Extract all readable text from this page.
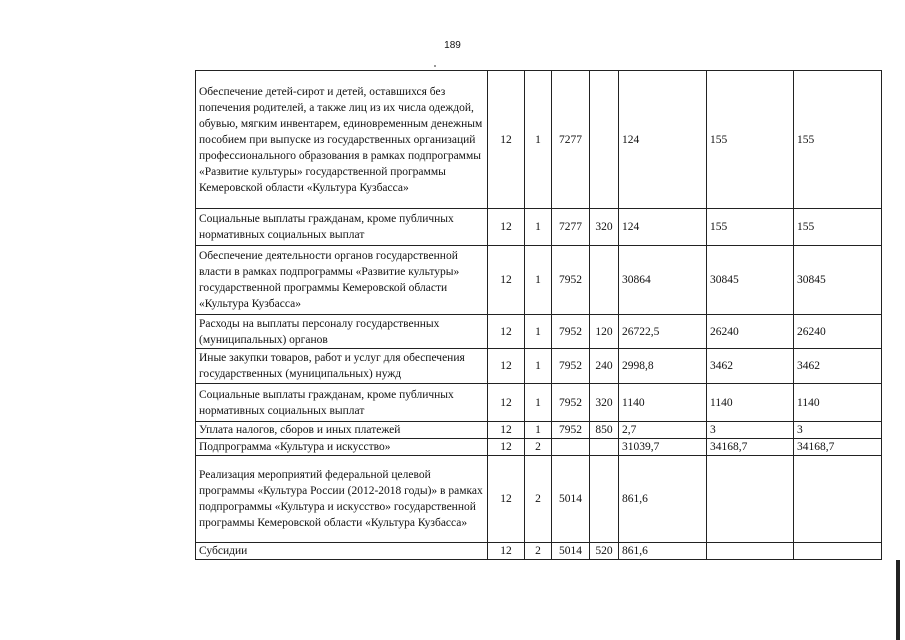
189
Обеспечение детей-сирот и детей, оставшихся без попечения родителей, а также лиц из их числа одеждой, обувью, мягким инвентарем, единовременным денежным пособием при выпуске из государственных организаций профессионального образования в рамках подпрограммы «Развитие культуры» государственной программы Кемеровской области «Культура Кузбасса»	12	1	7277		124	155	155
Социальные выплаты гражданам, кроме публичных нормативных социальных выплат	12	1	7277	320	124	155	155
Обеспечение деятельности органов государственной власти в рамках подпрограммы «Развитие культуры» государственной программы Кемеровской области «Культура Кузбасса»	12	1	7952		30864	30845	30845
Расходы на выплаты персоналу государственных (муниципальных) органов	12	1	7952	120	26722,5	26240	26240
Иные закупки товаров, работ и услуг для обеспечения государственных (муниципальных) нужд	12	1	7952	240	2998,8	3462	3462
Социальные выплаты гражданам, кроме публичных нормативных социальных выплат	12	1	7952	320	1140	1140	1140
Уплата налогов, сборов и иных платежей	12	1	7952	850	2,7	3	3
Подпрограмма «Культура и искусство»	12	2			31039,7	34168,7	34168,7
Реализация мероприятий федеральной целевой программы «Культура России (2012-2018 годы)» в рамках подпрограммы «Культура и искусство» государственной программы Кемеровской области «Культура Кузбасса»	12	2	5014		861,6		
Субсидии	12	2	5014	520	861,6		
